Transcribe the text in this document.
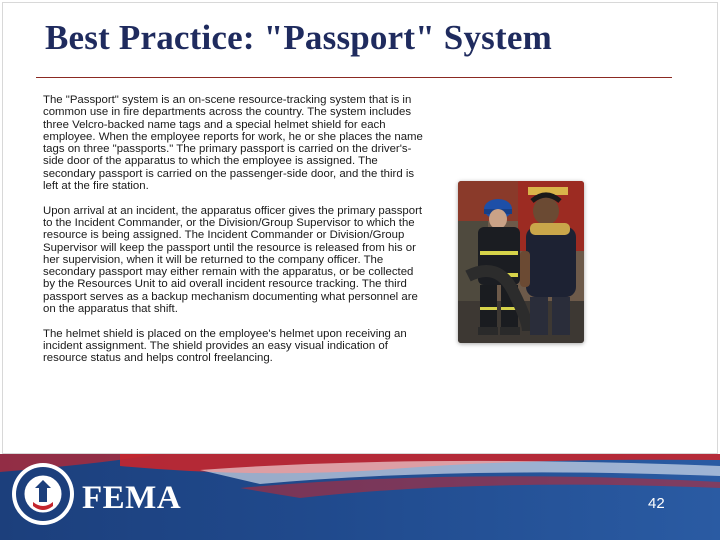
Best Practice: "Passport" System

The "Passport" system is an on-scene resource-tracking system that is in common use in fire departments across the country. The system includes three Velcro-backed name tags and a special helmet shield for each employee. When the employee reports for work, he or she places the name tags on three "passports." The primary passport is carried on the driver's-side door of the apparatus to which the employee is assigned. The secondary passport is carried on the passenger-side door, and the third is left at the fire station.

Upon arrival at an incident, the apparatus officer gives the primary passport to the Incident Commander, or the Division/Group Supervisor to which the resource is being assigned. The Incident Commander or Division/Group Supervisor will keep the passport until the resource is released from his or her supervision, when it will be returned to the company officer. The secondary passport may either remain with the apparatus, or be collected by the Resources Unit to aid overall incident resource tracking. The third passport serves as a backup mechanism documenting what personnel are on the apparatus that shift.

The helmet shield is placed on the employee's helmet upon receiving an incident assignment. The shield provides an easy visual indication of resource status and helps control freelancing.

FEMA	42
